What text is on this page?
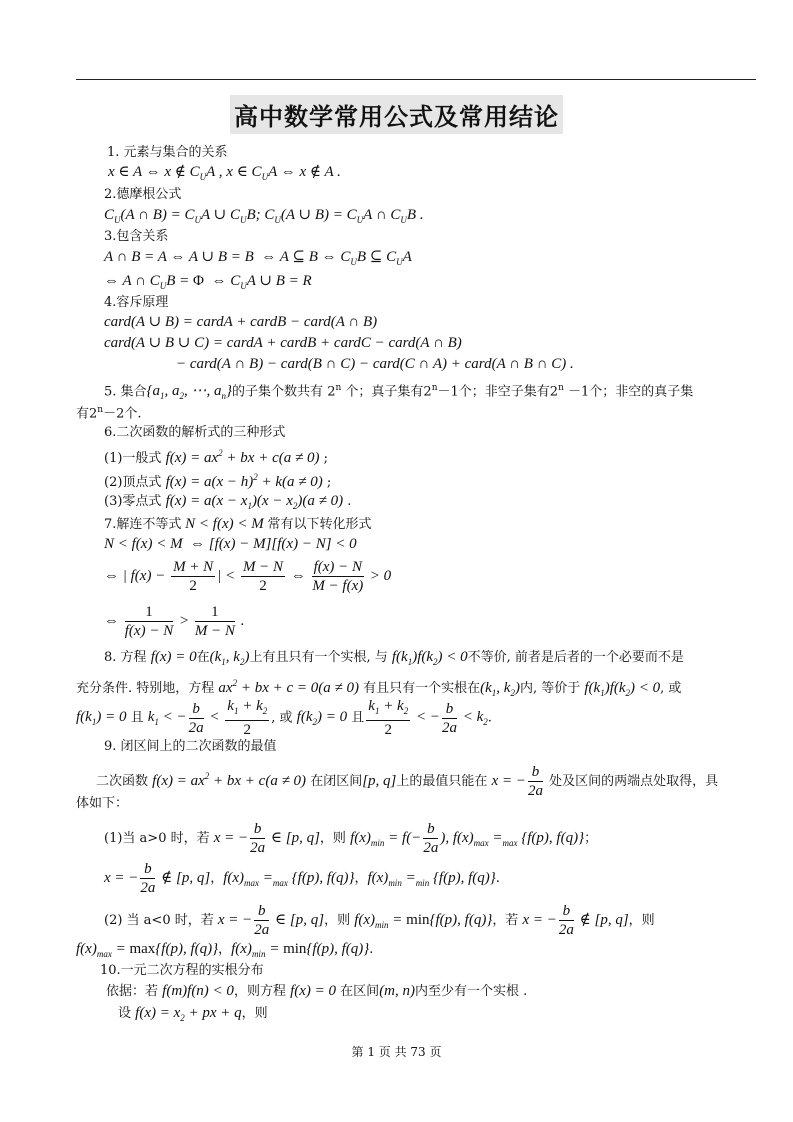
高中数学常用公式及常用结论
1. 元素与集合的关系
x ∈ A ⇔ x ∉ $C_UA$ , x ∈ $C_UA$ ⇔ x ∉ A .
2.德摩根公式
$C_U(A$ ∩ $B) = C_UA$ ∪ $C_UB$; $C_U(A$ ∪ $B) = C_UA$ ∩ $C_UB$ .
3.包含关系
A ∩ B = A ⇔ A ∪ B = B  ⇔ A ⊆ B ⇔ $C_UB$ ⊆ $C_UA$
⇔ A ∩ $C_UB = \Phi$  ⇔ $C_UA$ ∪ B = R
4.容斥原理
card(A ∪ B) = cardA + cardB − card(A ∩ B)
card(A ∪ B ∪ C) = cardA + cardB + cardC − card(A ∩ B)
− card(A ∩ B) − card(B ∩ C) − card(C ∩ A) + card(A ∩ B ∩ C) .
5. 集合{$a_1$, $a_2$, ⋯, $a_n$}的子集个数共有 2$^n$ 个；真子集有$2^n-1$个；非空子集有$2^n -1$个；非空的真子集
有$2^n-2$个.
6.二次函数的解析式的三种形式
(1)一般式 $f(x) = ax^2$ + bx + c(a ≠ 0) ;
(2)顶点式 $f(x) = a(x - h)^2 + k(a \ne 0)$ ;
(3)零点式 $f(x) = a(x - x_1)(x - x_2)(a \ne 0)$ .
7.解连不等式 N < f(x) < M 常有以下转化形式
N < f(x) < M  ⇔ [f(x) − M][f(x) − N] < 0
⇔ | $f(x) - \frac{M + N}{2}$ | < $\frac{M - N}{2}$ ⇔ $\frac{f(x) - N}{M - f(x)} > 0$
⇔ $\frac{1}{f(x) - N} > \frac{1}{M - N}$ .
8. 方程 f(x) = 0在($k_1$, $k_2$)上有且只有一个实根, 与 $f(k_1)f(k_2) < 0$不等价, 前者是后者的一个必要而不是
充分条件. 特别地，方程 $ax^2$ + bx + c = 0(a ≠ 0) 有且只有一个实根在($k_1$, $k_2$)内, 等价于 $f(k_1)f(k_2) < 0$, 或
$f(k_1) = 0$ 且 $k_1$ < − $\frac{b}{2a} < \frac{k_1 + k_2}{2}$ , 或 $f(k_2) = 0$ 且 $\frac{k_1 + k_2}{2}$ < − $\frac{b}{2a} < k_2$.
9. 闭区间上的二次函数的最值
二次函数 $f(x) = ax^2$ + bx + c(a ≠ 0) 在闭区间[p, q]上的最值只能在 x = − $\frac{b}{2a}$ 处及区间的两端点处取得，具
体如下：
(1)当 a>0 时，若 x = − $\frac{b}{2a}$ ∈ [p, q]，则 $f(x)_{min} = f(- \frac{b}{2a}$ ), $f(x)_{max} =_{max}$ {f(p), f(q)}；
x = − $\frac{b}{2a}$ ∉ [p, q]，$f(x)_{max} =_{max}$ {f(p), f(q)}，$f(x)_{min} =_{min}$ {f(p), f(q)}.
(2) 当 a<0 时，若 x = − $\frac{b}{2a}$ ∈ [p, q]，则 $f(x)_{min} = \min\{f(p)$, f(q)}，若 x = − $\frac{b}{2a}$ ∉ [p, q]，则
$f(x)_{max} = \max\{f(p)$, f(q)}，$f(x)_{min} = \min\{f(p)$, f(q)}.
10.一元二次方程的实根分布
依据：若 f(m)f(n) < 0，则方程 f(x) = 0 在区间(m, n)内至少有一个实根 .
设 $f(x) = x_2$ + px + q，则
第 1 页 共 73 页
